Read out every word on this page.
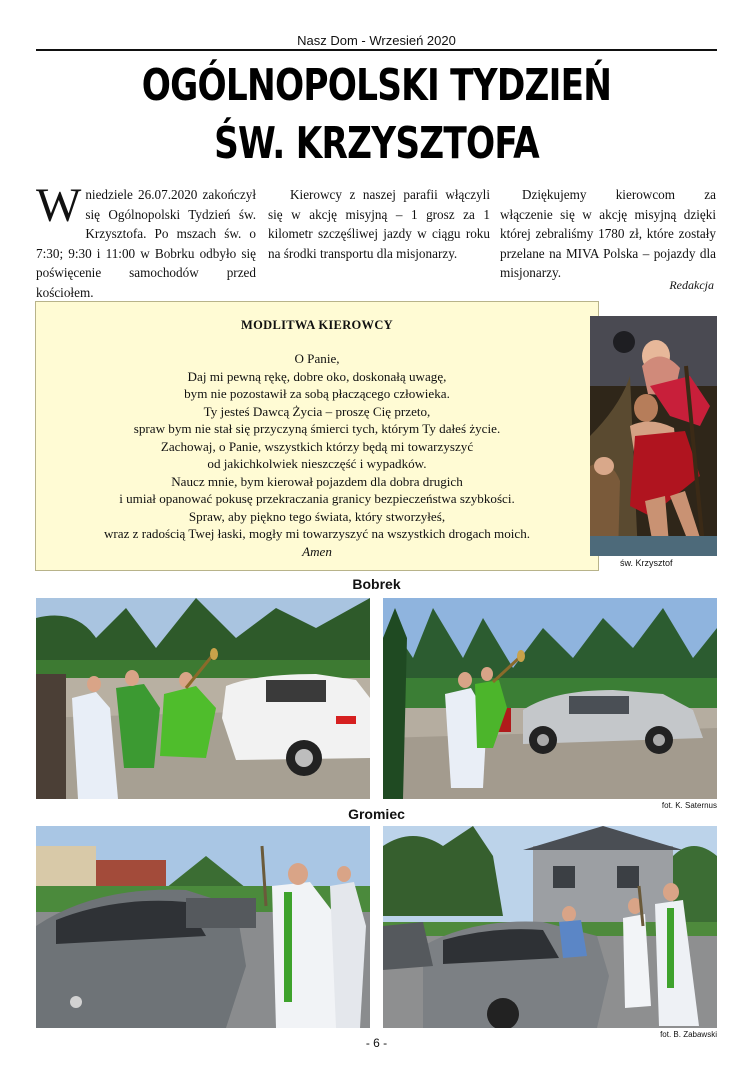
Nasz Dom - Wrzesień 2020
OGÓLNOPOLSKI TYDZIEŃ
ŚW. KRZYSZTOFA
Wniedziele 26.07.2020 zakończył się Ogólnopolski Tydzień św. Krzysztofa. Po mszach św. o 7:30; 9:30 i 11:00 w Bobrku odbyło się poświęcenie samochodów przed kościołem.
Kierowcy z naszej parafii włączyli się w akcję misyjną – 1 grosz za 1 kilometr szczęśliwej jazdy w ciągu roku na środki transportu dla misjonarzy.
Dziękujemy kierowcom za włączenie się w akcję misyjną dzięki której zebraliśmy 1780 zł, które zostały przelane na MIVA Polska – pojazdy dla misjonarzy.
Redakcja
MODLITWA KIEROWCY
O Panie,
Daj mi pewną rękę, dobre oko, doskonałą uwagę,
bym nie pozostawił za sobą płaczącego człowieka.
Ty jesteś Dawcą Życia – proszę Cię przeto,
spraw bym nie stał się przyczyną śmierci tych, którym Ty dałeś życie.
Zachowaj, o Panie, wszystkich którzy będą mi towarzyszyć
od jakichkolwiek nieszczęść i wypadków.
Naucz mnie, bym kierował pojazdem dla dobra drugich
i umiał opanować pokusę przekraczania granicy bezpieczeństwa szybkości.
Spraw, aby piękno tego świata, który stworzyłeś,
wraz z radością Twej łaski, mogły mi towarzyszyć na wszystkich drogach moich.
Amen
św. Krzysztof
Bobrek
fot. K. Saternus
Gromiec
fot. B. Zabawski
- 6 -
